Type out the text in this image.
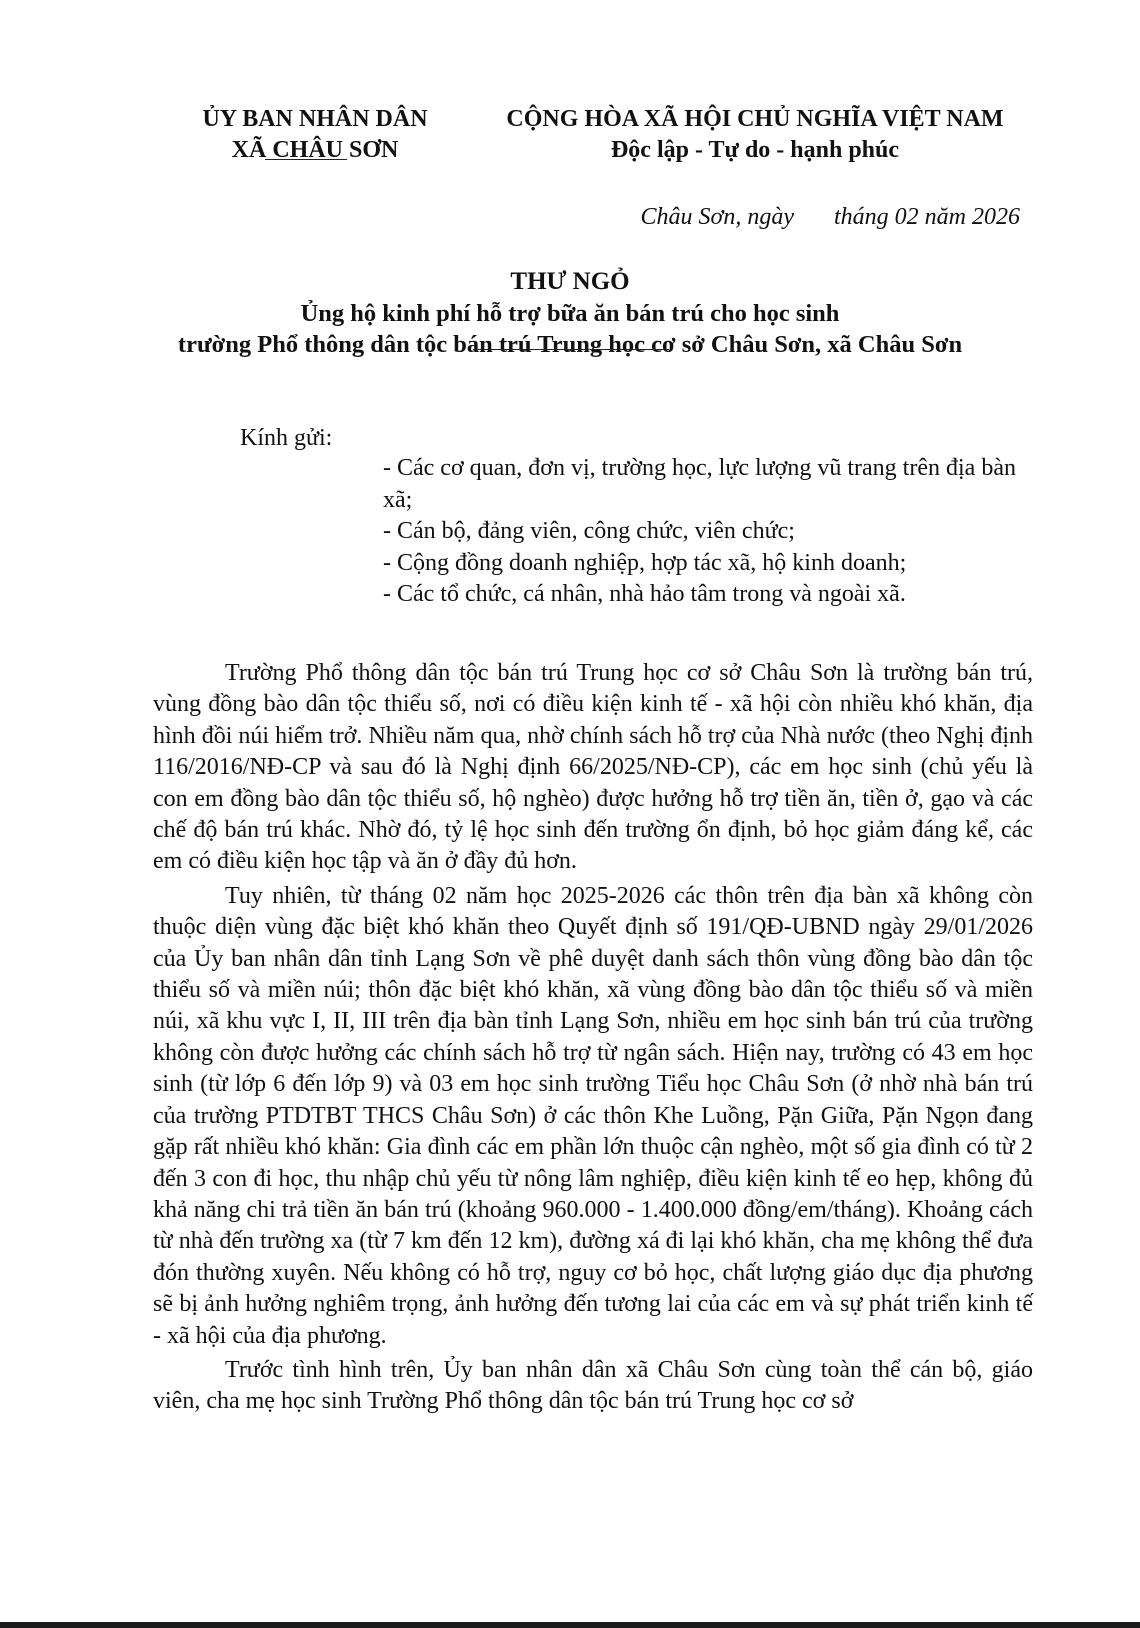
ỦY BAN NHÂN DÂN
XÃ CHÂU SƠN
CỘNG HÒA XÃ HỘI CHỦ NGHĨA VIỆT NAM
Độc lập - Tự do - hạnh phúc
Châu Sơn, ngày tháng 02 năm 2026
THƯ NGỎ
Ủng hộ kinh phí hỗ trợ bữa ăn bán trú cho học sinh
trường Phổ thông dân tộc bán trú Trung học cơ sở Châu Sơn, xã Châu Sơn
Kính gửi:

- Các cơ quan, đơn vị, trường học, lực lượng vũ trang trên địa bàn xã;

- Cán bộ, đảng viên, công chức, viên chức;

- Cộng đồng doanh nghiệp, hợp tác xã, hộ kinh doanh;

- Các tổ chức, cá nhân, nhà hảo tâm trong và ngoài xã.

Trường Phổ thông dân tộc bán trú Trung học cơ sở Châu Sơn là trường bán trú, vùng đồng bào dân tộc thiểu số, nơi có điều kiện kinh tế - xã hội còn nhiều khó khăn, địa hình đồi núi hiểm trở. Nhiều năm qua, nhờ chính sách hỗ trợ của Nhà nước (theo Nghị định 116/2016/NĐ-CP và sau đó là Nghị định 66/2025/NĐ-CP), các em học sinh (chủ yếu là con em đồng bào dân tộc thiểu số, hộ nghèo) được hưởng hỗ trợ tiền ăn, tiền ở, gạo và các chế độ bán trú khác. Nhờ đó, tỷ lệ học sinh đến trường ổn định, bỏ học giảm đáng kể, các em có điều kiện học tập và ăn ở đầy đủ hơn.

Tuy nhiên, từ tháng 02 năm học 2025-2026 các thôn trên địa bàn xã không còn thuộc diện vùng đặc biệt khó khăn theo Quyết định số 191/QĐ-UBND ngày 29/01/2026 của Ủy ban nhân dân tỉnh Lạng Sơn về phê duyệt danh sách thôn vùng đồng bào dân tộc thiểu số và miền núi; thôn đặc biệt khó khăn, xã vùng đồng bào dân tộc thiểu số và miền núi, xã khu vực I, II, III trên địa bàn tỉnh Lạng Sơn, nhiều em học sinh bán trú của trường không còn được hưởng các chính sách hỗ trợ từ ngân sách. Hiện nay, trường có 43 em học sinh (từ lớp 6 đến lớp 9) và 03 em học sinh trường Tiểu học Châu Sơn (ở nhờ nhà bán trú của trường PTDTBT THCS Châu Sơn) ở các thôn Khe Luồng, Pặn Giữa, Pặn Ngọn đang gặp rất nhiều khó khăn: Gia đình các em phần lớn thuộc cận nghèo, một số gia đình có từ 2 đến 3 con đi học, thu nhập chủ yếu từ nông lâm nghiệp, điều kiện kinh tế eo hẹp, không đủ khả năng chi trả tiền ăn bán trú (khoảng 960.000 - 1.400.000 đồng/em/tháng). Khoảng cách từ nhà đến trường xa (từ 7 km đến 12 km), đường xá đi lại khó khăn, cha mẹ không thể đưa đón thường xuyên. Nếu không có hỗ trợ, nguy cơ bỏ học, chất lượng giáo dục địa phương sẽ bị ảnh hưởng nghiêm trọng, ảnh hưởng đến tương lai của các em và sự phát triển kinh tế - xã hội của địa phương.

Trước tình hình trên, Ủy ban nhân dân xã Châu Sơn cùng toàn thể cán bộ, giáo viên, cha mẹ học sinh Trường Phổ thông dân tộc bán trú Trung học cơ sở
